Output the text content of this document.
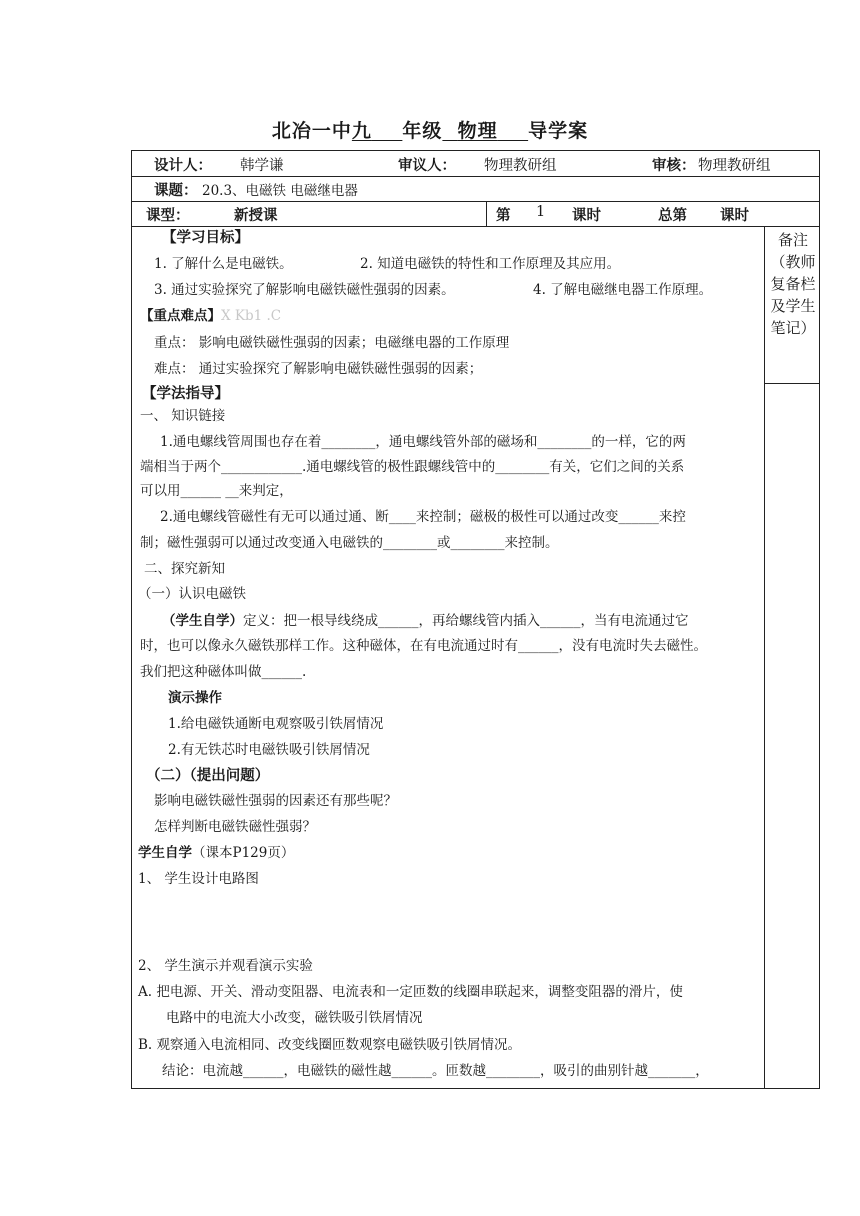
北冶一中九 年级 物理 导学案
设计人： 韩学谦	审议人： 物理教研组	审核： 物理教研组
课题： 20.3、电磁铁 电磁继电器
课型：	新授课	第 1 课时	总第 课时
备注（教师复备栏及学生笔记）
【学习目标】
1. 了解什么是电磁铁。	2. 知道电磁铁的特性和工作原理及其应用。
3. 通过实验探究了解影响电磁铁磁性强弱的因素。	4. 了解电磁继电器工作原理。
【重点难点】X Kb1 .C
重点： 影响电磁铁磁性强弱的因素；电磁继电器的工作原理
难点： 通过实验探究了解影响电磁铁磁性强弱的因素；
【学法指导】
一、 知识链接
1.通电螺线管周围也存在着________，通电螺线管外部的磁场和________的一样，它的两
端相当于两个____________.通电螺线管的极性跟螺线管中的________有关，它们之间的关系
可以用______ __来判定，
2.通电螺线管磁性有无可以通过通、断____来控制；磁极的极性可以通过改变______来控
制；磁性强弱可以通过改变通入电磁铁的________或________来控制。
二、探究新知
（一）认识电磁铁
（学生自学）定义：把一根导线绕成______，再给螺线管内插入______，当有电流通过它
时，也可以像永久磁铁那样工作。这种磁体，在有电流通过时有______，没有电流时失去磁性。
我们把这种磁体叫做______.
演示操作
1.给电磁铁通断电观察吸引铁屑情况
2.有无铁芯时电磁铁吸引铁屑情况
（二）（提出问题）
影响电磁铁磁性强弱的因素还有那些呢？
怎样判断电磁铁磁性强弱？
学生自学（课本P129页）
1、 学生设计电路图
2、 学生演示并观看演示实验
A. 把电源、开关、滑动变阻器、电流表和一定匝数的线圈串联起来，调整变阻器的滑片，使
电路中的电流大小改变，磁铁吸引铁屑情况
B. 观察通入电流相同、改变线圈匝数观察电磁铁吸引铁屑情况。
结论：电流越______，电磁铁的磁性越______。匝数越________，吸引的曲别针越_______，
